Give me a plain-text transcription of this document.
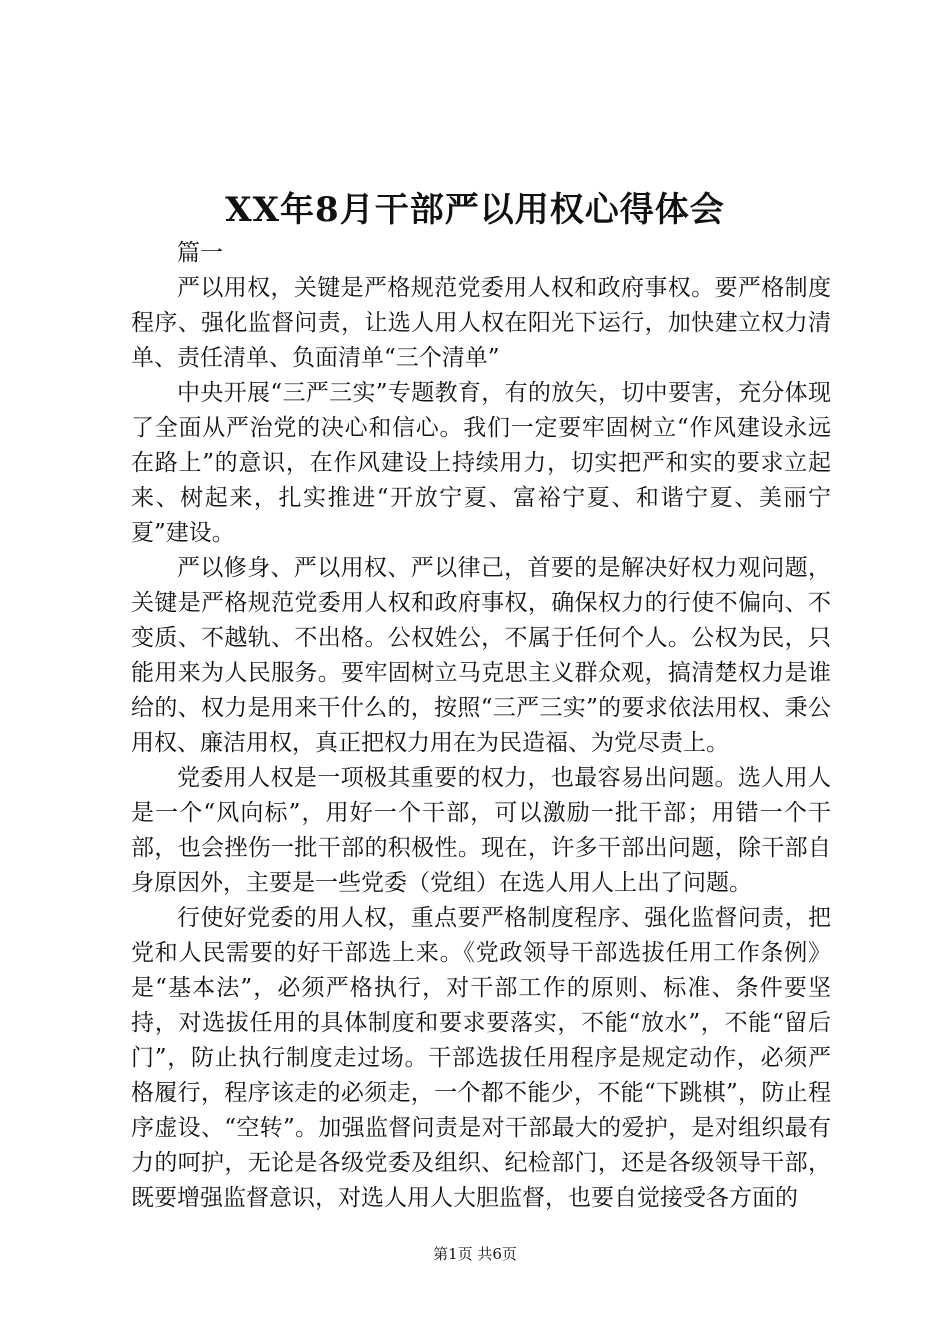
XX年8月干部严以用权心得体会

篇一

严以用权，关键是严格规范党委用人权和政府事权。要严格制度程序、强化监督问责，让选人用人权在阳光下运行，加快建立权力清单、责任清单、负面清单“三个清单”

中央开展“三严三实”专题教育，有的放矢，切中要害，充分体现了全面从严治党的决心和信心。我们一定要牢固树立“作风建设永远在路上”的意识，在作风建设上持续用力，切实把严和实的要求立起来、树起来，扎实推进“开放宁夏、富裕宁夏、和谐宁夏、美丽宁夏”建设。

严以修身、严以用权、严以律己，首要的是解决好权力观问题，关键是严格规范党委用人权和政府事权，确保权力的行使不偏向、不变质、不越轨、不出格。公权姓公，不属于任何个人。公权为民，只能用来为人民服务。要牢固树立马克思主义群众观，搞清楚权力是谁给的、权力是用来干什么的，按照“三严三实”的要求依法用权、秉公用权、廉洁用权，真正把权力用在为民造福、为党尽责上。

党委用人权是一项极其重要的权力，也最容易出问题。选人用人是一个“风向标”，用好一个干部，可以激励一批干部；用错一个干部，也会挫伤一批干部的积极性。现在，许多干部出问题，除干部自身原因外，主要是一些党委（党组）在选人用人上出了问题。

行使好党委的用人权，重点要严格制度程序、强化监督问责，把党和人民需要的好干部选上来。《党政领导干部选拔任用工作条例》是“基本法”，必须严格执行，对干部工作的原则、标准、条件要坚持，对选拔任用的具体制度和要求要落实，不能“放水”，不能“留后门”，防止执行制度走过场。干部选拔任用程序是规定动作，必须严格履行，程序该走的必须走，一个都不能少，不能“下跳棋”，防止程序虚设、“空转”。加强监督问责是对干部最大的爱护，是对组织最有力的呵护，无论是各级党委及组织、纪检部门，还是各级领导干部，既要增强监督意识，对选人用人大胆监督，也要自觉接受各方面的

第1页 共6页
